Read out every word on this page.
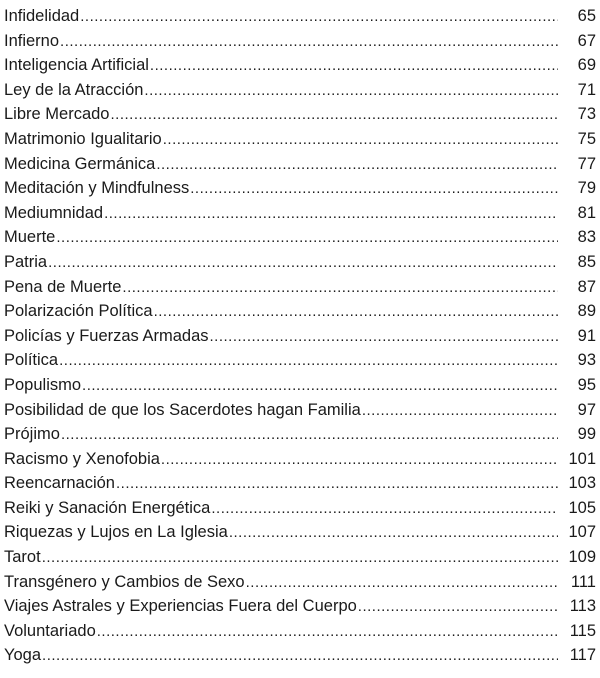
Infidelidad .....	65
Infierno .....	67
Inteligencia Artificial .....	69
Ley de la Atracción .....	71
Libre Mercado .....	73
Matrimonio Igualitario .....	75
Medicina Germánica .....	77
Meditación y Mindfulness .....	79
Mediumnidad .....	81
Muerte .....	83
Patria .....	85
Pena de Muerte .....	87
Polarización Política .....	89
Policías y Fuerzas Armadas .....	91
Política .....	93
Populismo .....	95
Posibilidad de que los Sacerdotes hagan Familia .....	97
Prójimo .....	99
Racismo y Xenofobia .....	101
Reencarnación .....	103
Reiki y Sanación Energética .....	105
Riquezas y Lujos en La Iglesia .....	107
Tarot .....	109
Transgénero y Cambios de Sexo .....	111
Viajes Astrales y Experiencias Fuera del Cuerpo .....	113
Voluntariado .....	115
Yoga .....	117
